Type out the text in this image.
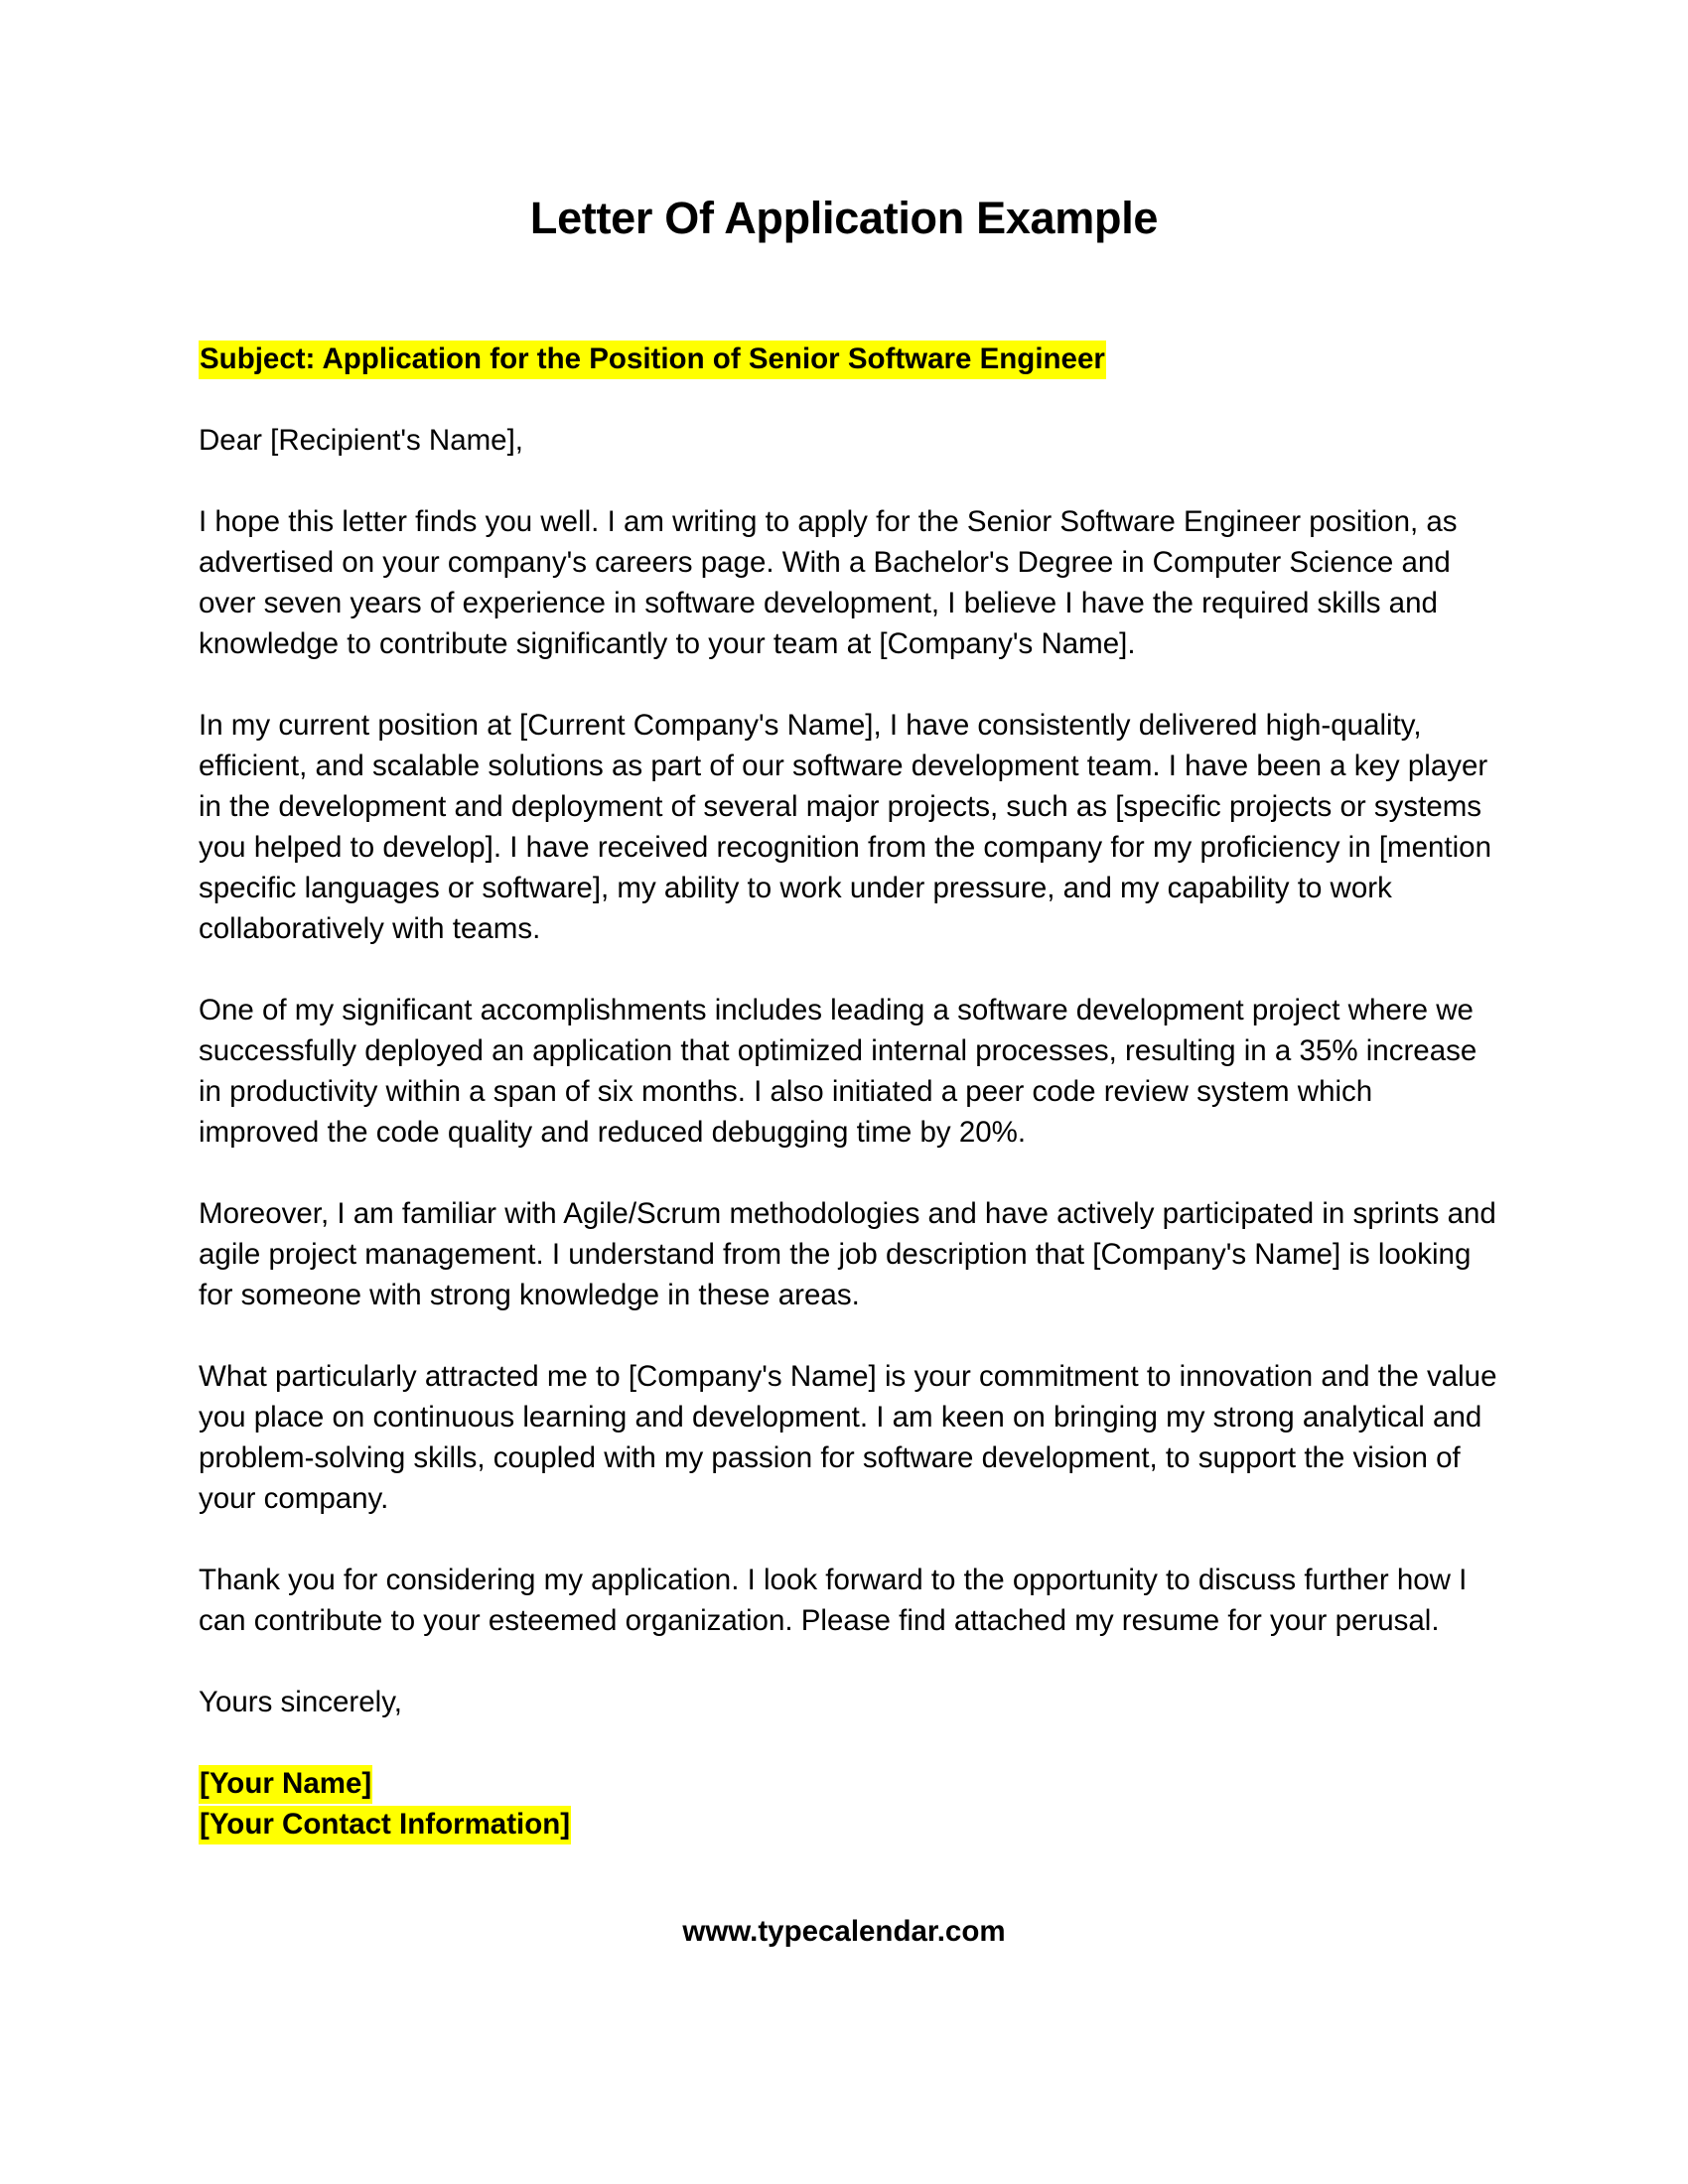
Letter Of Application Example

Subject: Application for the Position of Senior Software Engineer

Dear [Recipient's Name],

I hope this letter finds you well. I am writing to apply for the Senior Software Engineer position, as advertised on your company's careers page. With a Bachelor's Degree in Computer Science and over seven years of experience in software development, I believe I have the required skills and knowledge to contribute significantly to your team at [Company's Name].

In my current position at [Current Company's Name], I have consistently delivered high-quality, efficient, and scalable solutions as part of our software development team. I have been a key player in the development and deployment of several major projects, such as [specific projects or systems you helped to develop]. I have received recognition from the company for my proficiency in [mention specific languages or software], my ability to work under pressure, and my capability to work collaboratively with teams.

One of my significant accomplishments includes leading a software development project where we successfully deployed an application that optimized internal processes, resulting in a 35% increase in productivity within a span of six months. I also initiated a peer code review system which improved the code quality and reduced debugging time by 20%.

Moreover, I am familiar with Agile/Scrum methodologies and have actively participated in sprints and agile project management. I understand from the job description that [Company's Name] is looking for someone with strong knowledge in these areas.

What particularly attracted me to [Company's Name] is your commitment to innovation and the value you place on continuous learning and development. I am keen on bringing my strong analytical and problem-solving skills, coupled with my passion for software development, to support the vision of your company.

Thank you for considering my application. I look forward to the opportunity to discuss further how I can contribute to your esteemed organization. Please find attached my resume for your perusal.

Yours sincerely,

[Your Name]

[Your Contact Information]

www.typecalendar.com
